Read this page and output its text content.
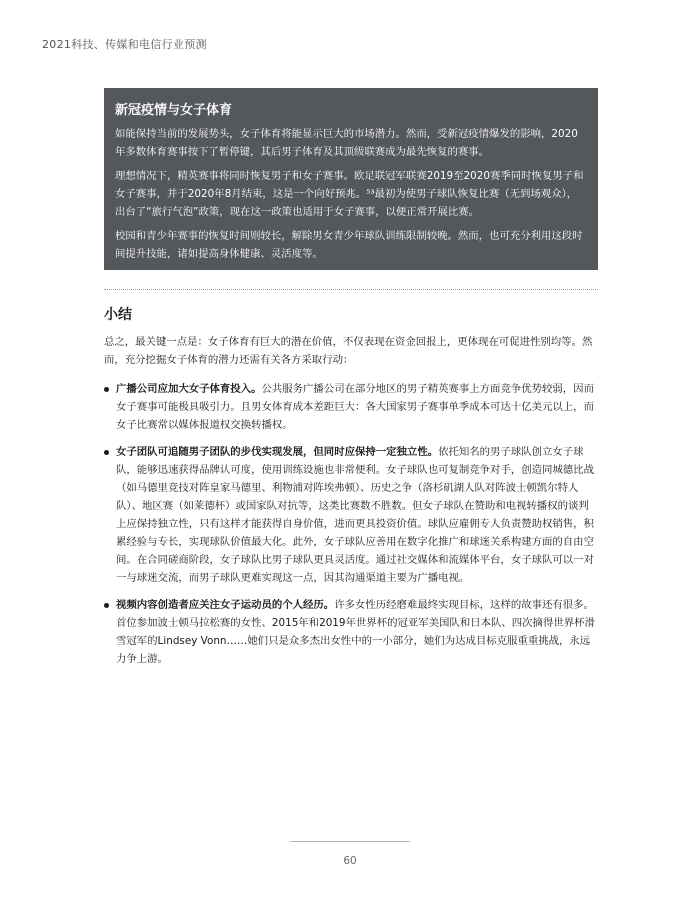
2021科技、传媒和电信行业预测
新冠疫情与女子体育

如能保持当前的发展势头，女子体育将能显示巨大的市场潜力。然而，受新冠疫情爆发的影响，2020年多数体育赛事按下了暂停键，其后男子体育及其顶级联赛成为最先恢复的赛事。

理想情况下，精英赛事将同时恢复男子和女子赛事。欧足联冠军联赛2019至2020赛季同时恢复男子和女子赛事，并于2020年8月结束，这是一个向好预兆。⁵³最初为使男子球队恢复比赛（无到场观众），出台了“旅行气泡”政策，现在这一政策也适用于女子赛事，以便正常开展比赛。

校园和青少年赛事的恢复时间则较长，解除男女青少年球队训练限制较晚。然而，也可充分利用这段时间提升技能，诸如提高身体健康、灵活度等。

小结

总之，最关键一点是：女子体育有巨大的潜在价值，不仅表现在资金回报上，更体现在可促进性别均等。然而，充分挖掘女子体育的潜力还需有关各方采取行动：

广播公司应加大女子体育投入。公共服务广播公司在部分地区的男子精英赛事上方面竞争优势较弱，因而女子赛事可能极具吸引力。且男女体育成本差距巨大：各大国家男子赛事单季成本可达十亿美元以上，而女子比赛常以媒体报道权交换转播权。
女子团队可追随男子团队的步伐实现发展，但同时应保持一定独立性。依托知名的男子球队创立女子球队，能够迅速获得品牌认可度，使用训练设施也非常便利。女子球队也可复制竞争对手，创造同城德比战（如马德里竞技对阵皇家马德里、利物浦对阵埃弗顿）、历史之争（洛杉矶湖人队对阵波士顿凯尔特人队）、地区赛（如莱德杯）或国家队对抗等，这类比赛数不胜数。但女子球队在赞助和电视转播权的谈判上应保持独立性，只有这样才能获得自身价值，进而更具投资价值。球队应雇佣专人负责赞助权销售，积累经验与专长，实现球队价值最大化。此外，女子球队应善用在数字化推广和球迷关系构建方面的自由空间。在合同磋商阶段，女子球队比男子球队更具灵活度。通过社交媒体和流媒体平台，女子球队可以一对一与球迷交流，而男子球队更难实现这一点，因其沟通渠道主要为广播电视。
视频内容创造者应关注女子运动员的个人经历。许多女性历经磨难最终实现目标，这样的故事还有很多。首位参加波士顿马拉松赛的女性、2015年和2019年世界杯的冠亚军美国队和日本队、四次摘得世界杯滑雪冠军的Lindsey Vonn……她们只是众多杰出女性中的一小部分，她们为达成目标克服重重挑战，永远力争上游。
60
